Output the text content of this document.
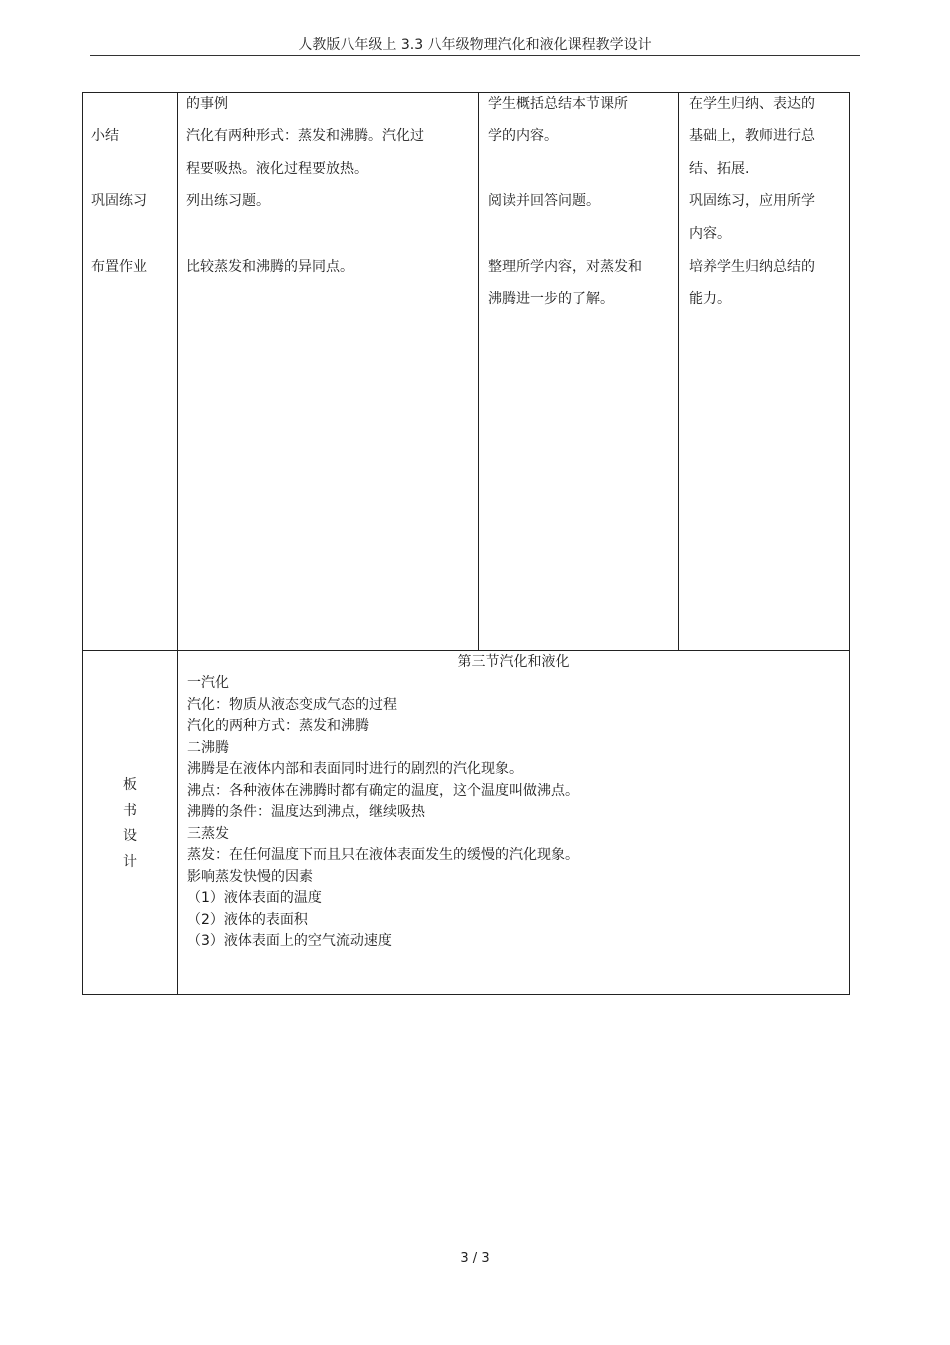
人教版八年级上 3.3 八年级物理汽化和液化课程教学设计
小结
巩固练习
布置作业
的事例
汽化有两种形式：蒸发和沸腾。汽化过
程要吸热。液化过程要放热。
列出练习题。
比较蒸发和沸腾的异同点。
学生概括总结本节课所
学的内容。
阅读并回答问题。
整理所学内容，对蒸发和
沸腾进一步的了解。
在学生归纳、表达的
基础上，教师进行总
结、拓展.
巩固练习，应用所学
内容。
培养学生归纳总结的
能力。
板
书
设
计
第三节汽化和液化
一汽化
汽化：物质从液态变成气态的过程
汽化的两种方式：蒸发和沸腾
二沸腾
沸腾是在液体内部和表面同时进行的剧烈的汽化现象。
沸点：各种液体在沸腾时都有确定的温度，这个温度叫做沸点。
沸腾的条件：温度达到沸点，继续吸热
三蒸发
蒸发：在任何温度下而且只在液体表面发生的缓慢的汽化现象。
影响蒸发快慢的因素
（1）液体表面的温度
（2）液体的表面积
（3）液体表面上的空气流动速度
3 / 3
